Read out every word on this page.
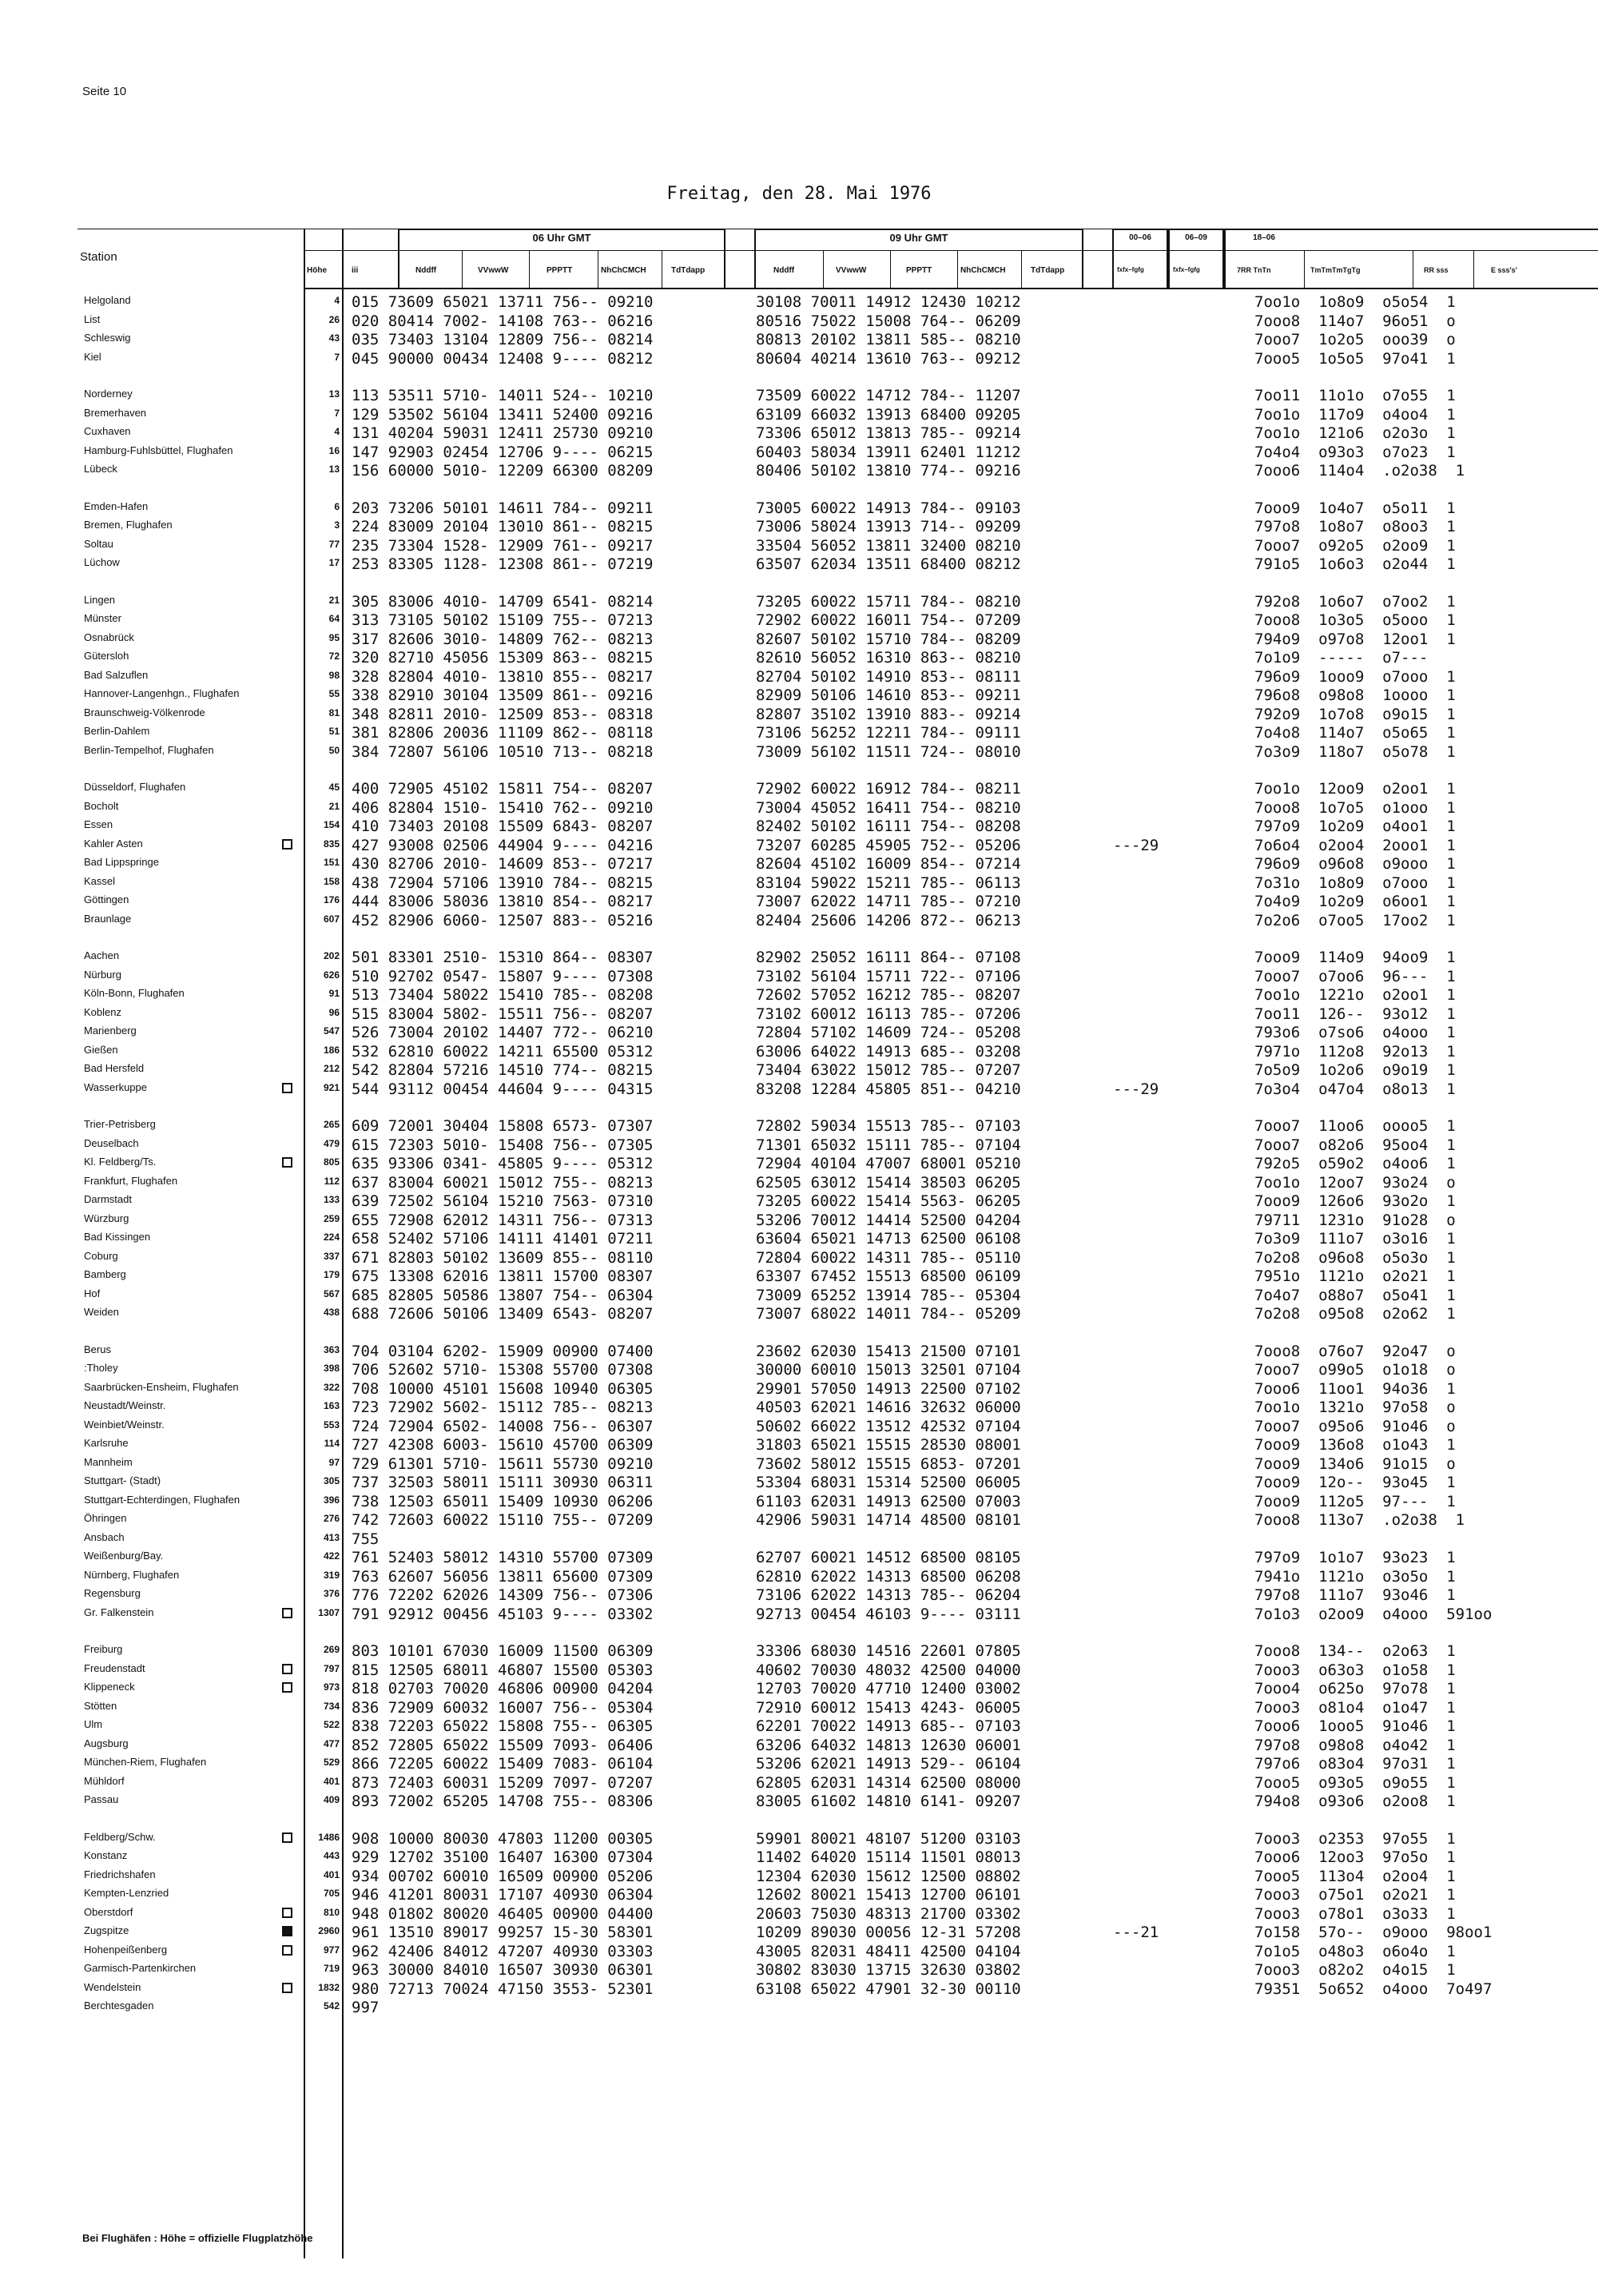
Seite 10
Freitag, den 28. Mai 1976
Station
06 Uhr GMT	09 Uhr GMT	00–06	06–09	18–06
Höhe	iii	Nddff	VVwwW	PPPTT	NhChCMCH	TdTdapp	Nddff	VVwwW	PPPTT	NhChCMCH	TdTdapp	fxfx–fgfg	fxfx–fgfg	7RR TnTn	TmTmTmTgTg	RR sss	E sss's'
Helgoland	4 015 73609 65021 13711 756-- 09210	30108 70011 14912 12430 10212	7oo1o  1o8o9  o5o54  1
List	26 020 80414 7002- 14108 763-- 06216	80516 75022 15008 764-- 06209	7ooo8  114o7  96o51  o
Schleswig	43 035 73403 13104 12809 756-- 08214	80813 20102 13811 585-- 08210	7ooo7  1o2o5  ooo39  o
Kiel	7 045 90000 00434 12408 9---- 08212	80604 40214 13610 763-- 09212	7ooo5  1o5o5  97o41  1
Norderney	13 113 53511 5710- 14011 524-- 10210	73509 60022 14712 784-- 11207	7oo11  11o1o  o7o55  1
Bremerhaven	7 129 53502 56104 13411 52400 09216	63109 66032 13913 68400 09205	7oo1o  117o9  o4oo4  1
Cuxhaven	4 131 40204 59031 12411 25730 09210	73306 65012 13813 785-- 09214	7oo1o  121o6  o2o3o  1
Hamburg-Fuhlsbüttel, Flughafen	16 147 92903 02454 12706 9---- 06215	60403 58034 13911 62401 11212	7o4o4  o93o3  o7o23  1
Lübeck	13 156 60000 5010- 12209 66300 08209	80406 50102 13810 774-- 09216	7ooo6  114o4  .o2o38  1
Emden-Hafen	6 203 73206 50101 14611 784-- 09211	73005 60022 14913 784-- 09103	7ooo9  1o4o7  o5o11  1
Bremen, Flughafen	3 224 83009 20104 13010 861-- 08215	73006 58024 13913 714-- 09209	797o8  1o8o7  o8oo3  1
Soltau	77 235 73304 1528- 12909 761-- 09217	33504 56052 13811 32400 08210	7ooo7  o92o5  o2oo9  1
Lüchow	17 253 83305 1128- 12308 861-- 07219	63507 62034 13511 68400 08212	791o5  1o6o3  o2o44  1
Lingen	21 305 83006 4010- 14709 6541- 08214	73205 60022 15711 784-- 08210	792o8  1o6o7  o7oo2  1
Münster	64 313 73105 50102 15109 755-- 07213	72902 60022 16011 754-- 07209	7ooo8  1o3o5  o5ooo  1
Osnabrück	95 317 82606 3010- 14809 762-- 08213	82607 50102 15710 784-- 08209	794o9  o97o8  12oo1  1
Gütersloh	72 320 82710 45056 15309 863-- 08215	82610 56052 16310 863-- 08210	7o1o9  -----  o7---
Bad Salzuflen	98 328 82804 4010- 13810 855-- 08217	82704 50102 14910 853-- 08111	796o9  1ooo9  o7ooo  1
Hannover-Langenhgn., Flughafen	55 338 82910 30104 13509 861-- 09216	82909 50106 14610 853-- 09211	796o8  o98o8  1oooo  1
Braunschweig-Völkenrode	81 348 82811 2010- 12509 853-- 08318	82807 35102 13910 883-- 09214	792o9  1o7o8  o9o15  1
Berlin-Dahlem	51 381 82806 20036 11109 862-- 08118	73106 56252 12211 784-- 09111	7o4o8  114o7  o5o65  1
Berlin-Tempelhof, Flughafen	50 384 72807 56106 10510 713-- 08218	73009 56102 11511 724-- 08010	7o3o9  118o7  o5o78  1
Düsseldorf, Flughafen	45 400 72905 45102 15811 754-- 08207	72902 60022 16912 784-- 08211	7oo1o  12oo9  o2oo1  1
Bocholt	21 406 82804 1510- 15410 762-- 09210	73004 45052 16411 754-- 08210	7ooo8  1o7o5  o1ooo  1
Essen	154 410 73403 20108 15509 6843- 08207	82402 50102 16111 754-- 08208	797o9  1o2o9  o4oo1  1
Kahler Asten	835 427 93008 02506 44904 9---- 04216	73207 60285 45905 752-- 05206	---29	7o6o4  o2oo4  2ooo1  1
Bad Lippspringe	151 430 82706 2010- 14609 853-- 07217	82604 45102 16009 854-- 07214	796o9  o96o8  o9ooo  1
Kassel	158 438 72904 57106 13910 784-- 08215	83104 59022 15211 785-- 06113	7o31o  1o8o9  o7ooo  1
Göttingen	176 444 83006 58036 13810 854-- 08217	73007 62022 14711 785-- 07210	7o4o9  1o2o9  o6oo1  1
Braunlage	607 452 82906 6060- 12507 883-- 05216	82404 25606 14206 872-- 06213	7o2o6  o7oo5  17oo2  1
Aachen	202 501 83301 2510- 15310 864-- 08307	82902 25052 16111 864-- 07108	7ooo9  114o9  94oo9  1
Nürburg	626 510 92702 0547- 15807 9---- 07308	73102 56104 15711 722-- 07106	7ooo7  o7oo6  96---  1
Köln-Bonn, Flughafen	91 513 73404 58022 15410 785-- 08208	72602 57052 16212 785-- 08207	7oo1o  1221o  o2oo1  1
Koblenz	96 515 83004 5802- 15511 756-- 08207	73102 60012 16113 785-- 07206	7oo11  126--  93o12  1
Marienberg	547 526 73004 20102 14407 772-- 06210	72804 57102 14609 724-- 05208	793o6  o7so6  o4ooo  1
Gießen	186 532 62810 60022 14211 65500 05312	63006 64022 14913 685-- 03208	7971o  112o8  92o13  1
Bad Hersfeld	212 542 82804 57216 14510 774-- 08215	73404 63022 15012 785-- 07207	7o5o9  1o2o6  o9o19  1
Wasserkuppe	921 544 93112 00454 44604 9---- 04315	83208 12284 45805 851-- 04210	---29	7o3o4  o47o4  o8o13  1
Trier-Petrisberg	265 609 72001 30404 15808 6573- 07307	72802 59034 15513 785-- 07103	7ooo7  11oo6  oooo5  1
Deuselbach	479 615 72303 5010- 15408 756-- 07305	71301 65032 15111 785-- 07104	7ooo7  o82o6  95oo4  1
Kl. Feldberg/Ts.	805 635 93306 0341- 45805 9---- 05312	72904 40104 47007 68001 05210	792o5  o59o2  o4oo6  1
Frankfurt, Flughafen	112 637 83004 60021 15012 755-- 08213	62505 63012 15414 38503 06205	7oo1o  12oo7  93o24  o
Darmstadt	133 639 72502 56104 15210 7563- 07310	73205 60022 15414 5563- 06205	7ooo9  126o6  93o2o  1
Würzburg	259 655 72908 62012 14311 756-- 07313	53206 70012 14414 52500 04204	79711  1231o  91o28  o
Bad Kissingen	224 658 52402 57106 14111 41401 07211	63604 65021 14713 62500 06108	7o3o9  111o7  o3o16  1
Coburg	337 671 82803 50102 13609 855-- 08110	72804 60022 14311 785-- 05110	7o2o8  o96o8  o5o3o  1
Bamberg	179 675 13308 62016 13811 15700 08307	63307 67452 15513 68500 06109	7951o  1121o  o2o21  1
Hof	567 685 82805 50586 13807 754-- 06304	73009 65252 13914 785-- 05304	7o4o7  o88o7  o5o41  1
Weiden	438 688 72606 50106 13409 6543- 08207	73007 68022 14011 784-- 05209	7o2o8  o95o8  o2o62  1
Berus	363 704 03104 6202- 15909 00900 07400	23602 62030 15413 21500 07101	7ooo8  o76o7  92o47  o
:Tholey	398 706 52602 5710- 15308 55700 07308	30000 60010 15013 32501 07104	7ooo7  o99o5  o1o18  o
Saarbrücken-Ensheim, Flughafen	322 708 10000 45101 15608 10940 06305	29901 57050 14913 22500 07102	7ooo6  11oo1  94o36  1
Neustadt/Weinstr.	163 723 72902 5602- 15112 785-- 08213	40503 62021 14616 32632 06000	7oo1o  1321o  97o58  o
Weinbiet/Weinstr.	553 724 72904 6502- 14008 756-- 06307	50602 66022 13512 42532 07104	7ooo7  o95o6  91o46  o
Karlsruhe	114 727 42308 6003- 15610 45700 06309	31803 65021 15515 28530 08001	7ooo9  136o8  o1o43  1
Mannheim	97 729 61301 5710- 15611 55730 09210	73602 58012 15515 6853- 07201	7ooo9  134o6  91o15  o
Stuttgart- (Stadt)	305 737 32503 58011 15111 30930 06311	53304 68031 15314 52500 06005	7ooo9  12o--  93o45  1
Stuttgart-Echterdingen, Flughafen	396 738 12503 65011 15409 10930 06206	61103 62031 14913 62500 07003	7ooo9  112o5  97---  1
Öhringen	276 742 72603 60022 15110 755-- 07209	42906 59031 14714 48500 08101	7ooo8  113o7  .o2o38  1
Ansbach	413 755
Weißenburg/Bay.	422 761 52403 58012 14310 55700 07309	62707 60021 14512 68500 08105	797o9  1o1o7  93o23  1
Nürnberg, Flughafen	319 763 62607 56056 13811 65600 07309	62810 62022 14313 68500 06208	7941o  1121o  o3o5o  1
Regensburg	376 776 72202 62026 14309 756-- 07306	73106 62022 14313 785-- 06204	797o8  111o7  93o46  1
Gr. Falkenstein	1307 791 92912 00456 45103 9---- 03302	92713 00454 46103 9---- 03111	7o1o3  o2oo9  o4ooo  591oo
Freiburg	269 803 10101 67030 16009 11500 06309	33306 68030 14516 22601 07805	7ooo8  134--  o2o63  1
Freudenstadt	797 815 12505 68011 46807 15500 05303	40602 70030 48032 42500 04000	7ooo3  o63o3  o1o58  1
Klippeneck	973 818 02703 70020 46806 00900 04204	12703 70020 47710 12400 03002	7ooo4  o625o  97o78  1
Stötten	734 836 72909 60032 16007 756-- 05304	72910 60012 15413 4243- 06005	7ooo3  o81o4  o1o47  1
Ulm	522 838 72203 65022 15808 755-- 06305	62201 70022 14913 685-- 07103	7ooo6  1ooo5  91o46  1
Augsburg	477 852 72805 65022 15509 7093- 06406	63206 64032 14813 12630 06001	797o8  o98o8  o4o42  1
München-Riem, Flughafen	529 866 72205 60022 15409 7083- 06104	53206 62021 14913 529-- 06104	797o6  o83o4  97o31  1
Mühldorf	401 873 72403 60031 15209 7097- 07207	62805 62031 14314 62500 08000	7ooo5  o93o5  o9o55  1
Passau	409 893 72002 65205 14708 755-- 08306	83005 61602 14810 6141- 09207	794o8  o93o6  o2oo8  1
Feldberg/Schw.	1486 908 10000 80030 47803 11200 00305	59901 80021 48107 51200 03103	7ooo3  o2353  97o55  1
Konstanz	443 929 12702 35100 16407 16300 07304	11402 64020 15114 11501 08013	7ooo6  12oo3  97o5o  1
Friedrichshafen	401 934 00702 60010 16509 00900 05206	12304 62030 15612 12500 08802	7ooo5  113o4  o2oo4  1
Kempten-Lenzried	705 946 41201 80031 17107 40930 06304	12602 80021 15413 12700 06101	7ooo3  o75o1  o2o21  1
Oberstdorf	810 948 01802 80020 46405 00900 04400	20603 75030 48313 21700 03302	7ooo3  o78o1  o3o33  1
Zugspitze	2960 961 13510 89017 99257 15-30 58301	10209 89030 00056 12-31 57208	---21	7o158  57o--  o9ooo  98oo1
Hohenpeißenberg	977 962 42406 84012 47207 40930 03303	43005 82031 48411 42500 04104	7o1o5  o48o3  o6o4o  1
Garmisch-Partenkirchen	719 963 30000 84010 16507 30930 06301	30802 83030 13715 32630 03802	7ooo3  o82o2  o4o15  1
Wendelstein	1832 980 72713 70024 47150 3553- 52301	63108 65022 47901 32-30 00110	79351  5o652  o4ooo  7o497
Berchtesgaden	542 997
Bei Flughäfen : Höhe = offizielle Flugplatzhöhe
